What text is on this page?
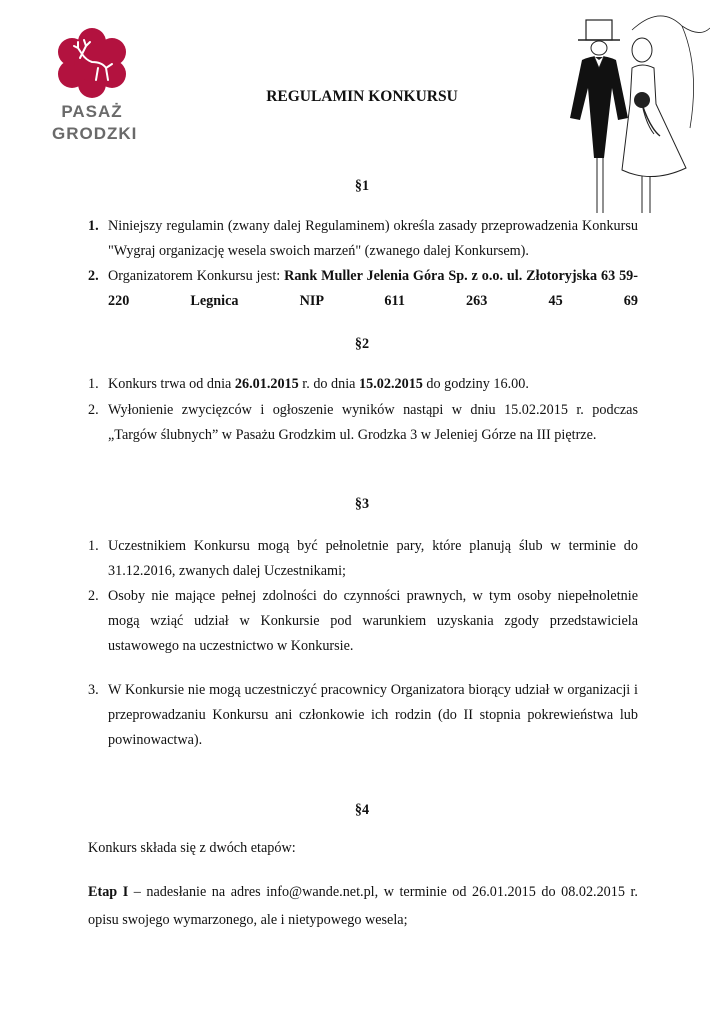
PASAŻ
GRODZKI
REGULAMIN KONKURSU
§1
1. Niniejszy regulamin (zwany dalej Regulaminem) określa zasady przeprowadzenia Konkursu "Wygraj organizację wesela swoich marzeń" (zwanego dalej Konkursem).
2. Organizatorem Konkursu jest: Rank Muller Jelenia Góra Sp. z o.o. ul. Złotoryjska 63 59-220 Legnica NIP 611 263 45 69
§2
1. Konkurs trwa od dnia 26.01.2015 r. do dnia 15.02.2015 do godziny 16.00.
2. Wyłonienie zwycięzców i ogłoszenie wyników nastąpi w dniu 15.02.2015 r. podczas „Targów ślubnych” w Pasażu Grodzkim ul. Grodzka 3 w Jeleniej Górze na III piętrze.
§3
1. Uczestnikiem Konkursu mogą być pełnoletnie pary, które planują ślub w terminie do 31.12.2016, zwanych dalej Uczestnikami;
2. Osoby nie mające pełnej zdolności do czynności prawnych, w tym osoby niepełnoletnie mogą wziąć udział w Konkursie pod warunkiem uzyskania zgody przedstawiciela ustawowego na uczestnictwo w Konkursie.
3. W Konkursie nie mogą uczestniczyć pracownicy Organizatora biorący udział w organizacji i przeprowadzaniu Konkursu ani członkowie ich rodzin (do II stopnia pokrewieństwa lub powinowactwa).
§4
Konkurs składa się z dwóch etapów:
Etap I – nadesłanie na adres info@wande.net.pl, w terminie od 26.01.2015 do 08.02.2015 r. opisu swojego wymarzonego, ale i nietypowego wesela;
